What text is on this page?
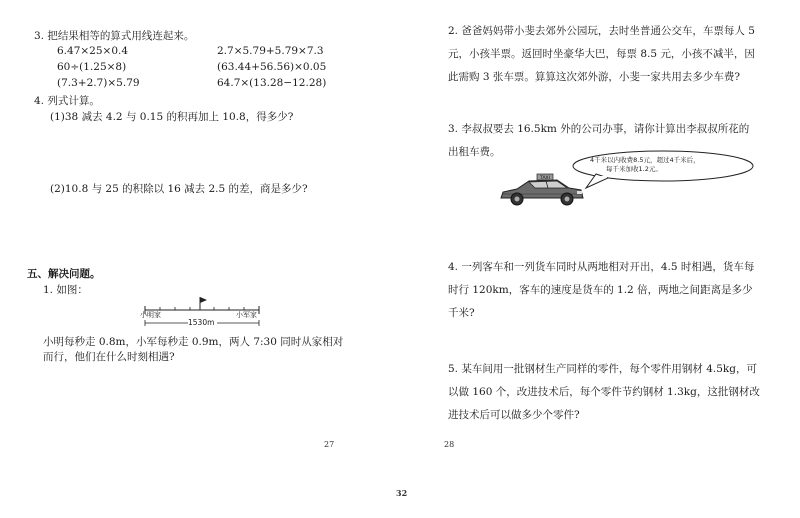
3. 把结果相等的算式用线连起来。
6.47×25×0.4
60÷(1.25×8)
(7.3+2.7)×5.79
2.7×5.79+5.79×7.3
(63.44+56.56)×0.05
64.7×(13.28−12.28)
4. 列式计算。
(1)38 减去 4.2 与 0.15 的积再加上 10.8，得多少?
(2)10.8 与 25 的积除以 16 减去 2.5 的差，商是多少?
五、解决问题。
1. 如图：
小明家	小军家
1530m
小明每秒走 0.8m，小军每秒走 0.9m，两人 7:30 同时从家相对
而行，他们在什么时刻相遇?
27
2. 爸爸妈妈带小斐去郊外公园玩，去时坐普通公交车，车票每人 5
元，小孩半票。返回时坐豪华大巴，每票 8.5 元，小孩不减半，因
此需购 3 张车票。算算这次郊外游，小斐一家共用去多少车费?
3. 李叔叔要去 16.5km 外的公司办事，请你计算出李叔叔所花的
出租车费。
4千米以内收费8.5元，超过4千米后，
每千米加收1.2元。
TAXI
4. 一列客车和一列货车同时从两地相对开出，4.5 时相遇，货车每
时行 120km，客车的速度是货车的 1.2 倍，两地之间距离是多少
千米?
5. 某车间用一批钢材生产同样的零件，每个零件用钢材 4.5kg，可
以做 160 个，改进技术后，每个零件节约钢材 1.3kg，这批钢材改
进技术后可以做多少个零件?
28
32
